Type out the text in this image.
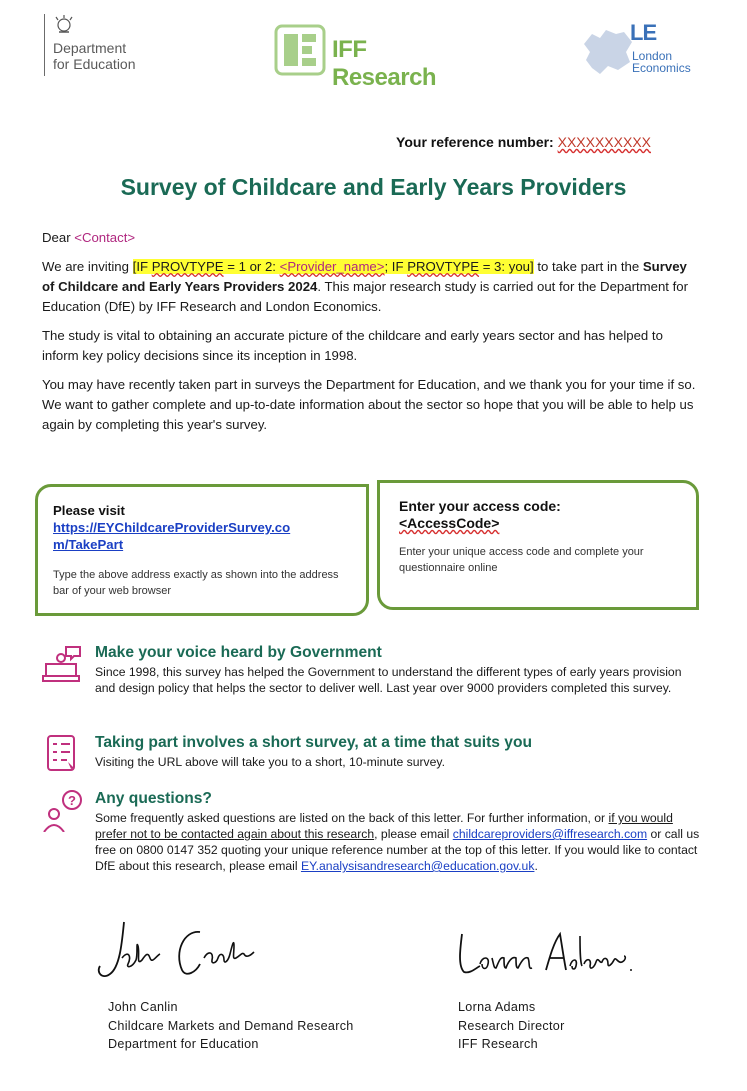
Department
for Education
IFF Research
LE
London
Economics
Your reference number: XXXXXXXXXX
Survey of Childcare and Early Years Providers

Dear <Contact>

We are inviting [IF PROVTYPE = 1 or 2: <Provider_name>; IF PROVTYPE = 3: you] to take part in the Survey of Childcare and Early Years Providers 2024. This major research study is carried out for the Department for Education (DfE) by IFF Research and London Economics.

The study is vital to obtaining an accurate picture of the childcare and early years sector and has helped to inform key policy decisions since its inception in 1998.

You may have recently taken part in surveys the Department for Education, and we thank you for your time if so. We want to gather complete and up-to-date information about the sector so hope that you will be able to help us again by completing this year's survey.

Please visit
https://EYChildcareProviderSurvey.co
m/TakePart
Type the above address exactly as shown into the address bar of your web browser
Enter your access code:
<AccessCode>
Enter your unique access code and complete your questionnaire online
Make your voice heard by Government
Since 1998, this survey has helped the Government to understand the different types of early years provision and design policy that helps the sector to deliver well. Last year over 9000 providers completed this survey.
Taking part involves a short survey, at a time that suits you
Visiting the URL above will take you to a short, 10-minute survey.
? Any questions?
Some frequently asked questions are listed on the back of this letter. For further information, or if you would prefer not to be contacted again about this research, please email childcareproviders@iffresearch.com or call us free on 0800 0147 352 quoting your unique reference number at the top of this letter. If you would like to contact DfE about this research, please email EY.analysisandresearch@education.gov.uk.
John Canlin
Childcare Markets and Demand Research
Department for Education
Lorna Adams
Research Director
IFF Research
